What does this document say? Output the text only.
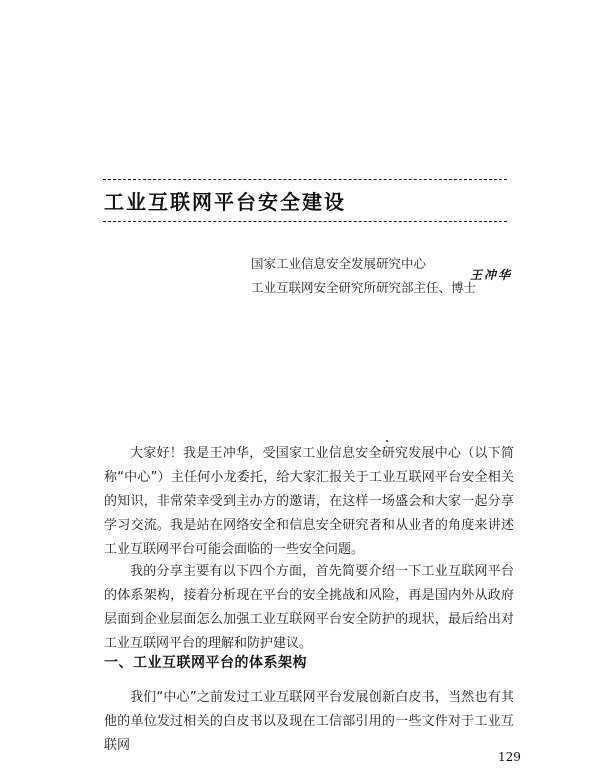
工业互联网平台安全建设
国家工业信息安全发展研究中心
工业互联网安全研究所研究部主任、博士
王冲华

大家好！我是王冲华，受国家工业信息安全研究发展中心（以下简称“中心”）主任何小龙委托，给大家汇报关于工业互联网平台安全相关的知识，非常荣幸受到主办方的邀请，在这样一场盛会和大家一起分享学习交流。我是站在网络安全和信息安全研究者和从业者的角度来讲述工业互联网平台可能会面临的一些安全问题。

我的分享主要有以下四个方面，首先简要介绍一下工业互联网平台的体系架构，接着分析现在平台的安全挑战和风险，再是国内外从政府层面到企业层面怎么加强工业互联网平台安全防护的现状，最后给出对工业互联网平台的理解和防护建议。

一、工业互联网平台的体系架构

我们“中心”之前发过工业互联网平台发展创新白皮书，当然也有其他的单位发过相关的白皮书以及现在工信部引用的一些文件对于工业互联网

129
